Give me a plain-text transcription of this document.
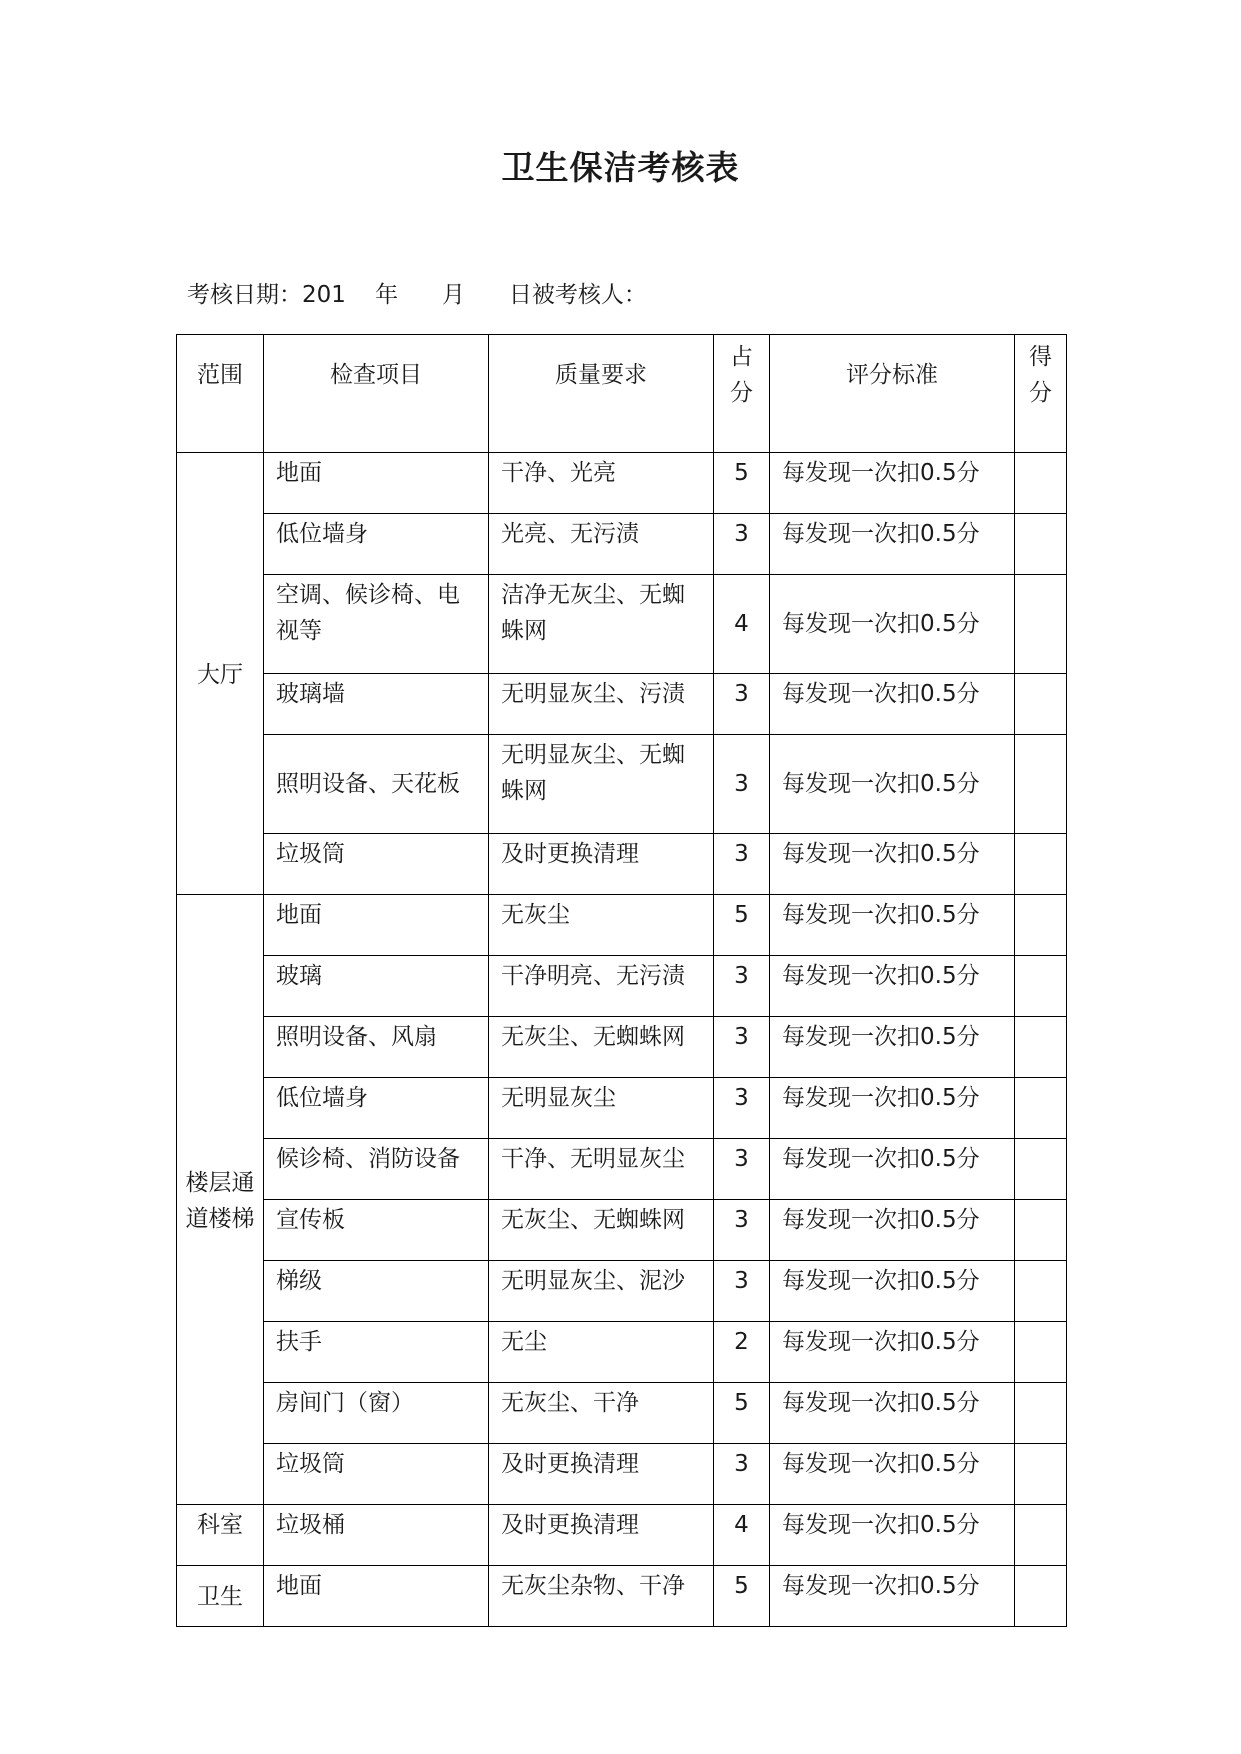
卫生保洁考核表
考核日期：201    年      月      日被考核人：
范围	检查项目	质量要求	占分	评分标准	得分
大厅	地面	干净、光亮	5	每发现一次扣0.5分	
	低位墙身	光亮、无污渍	3	每发现一次扣0.5分	
	空调、候诊椅、电视等	洁净无灰尘、无蜘蛛网	4	每发现一次扣0.5分	
	玻璃墙	无明显灰尘、污渍	3	每发现一次扣0.5分	
	照明设备、天花板	无明显灰尘、无蜘蛛网	3	每发现一次扣0.5分	
	垃圾筒	及时更换清理	3	每发现一次扣0.5分	
楼层通道楼梯	地面	无灰尘	5	每发现一次扣0.5分	
	玻璃	干净明亮、无污渍	3	每发现一次扣0.5分	
	照明设备、风扇	无灰尘、无蜘蛛网	3	每发现一次扣0.5分	
	低位墙身	无明显灰尘	3	每发现一次扣0.5分	
	候诊椅、消防设备	干净、无明显灰尘	3	每发现一次扣0.5分	
	宣传板	无灰尘、无蜘蛛网	3	每发现一次扣0.5分	
	梯级	无明显灰尘、泥沙	3	每发现一次扣0.5分	
	扶手	无尘	2	每发现一次扣0.5分	
	房间门（窗）	无灰尘、干净	5	每发现一次扣0.5分	
	垃圾筒	及时更换清理	3	每发现一次扣0.5分	
科室	垃圾桶	及时更换清理	4	每发现一次扣0.5分	
卫生	地面	无灰尘杂物、干净	5	每发现一次扣0.5分	
